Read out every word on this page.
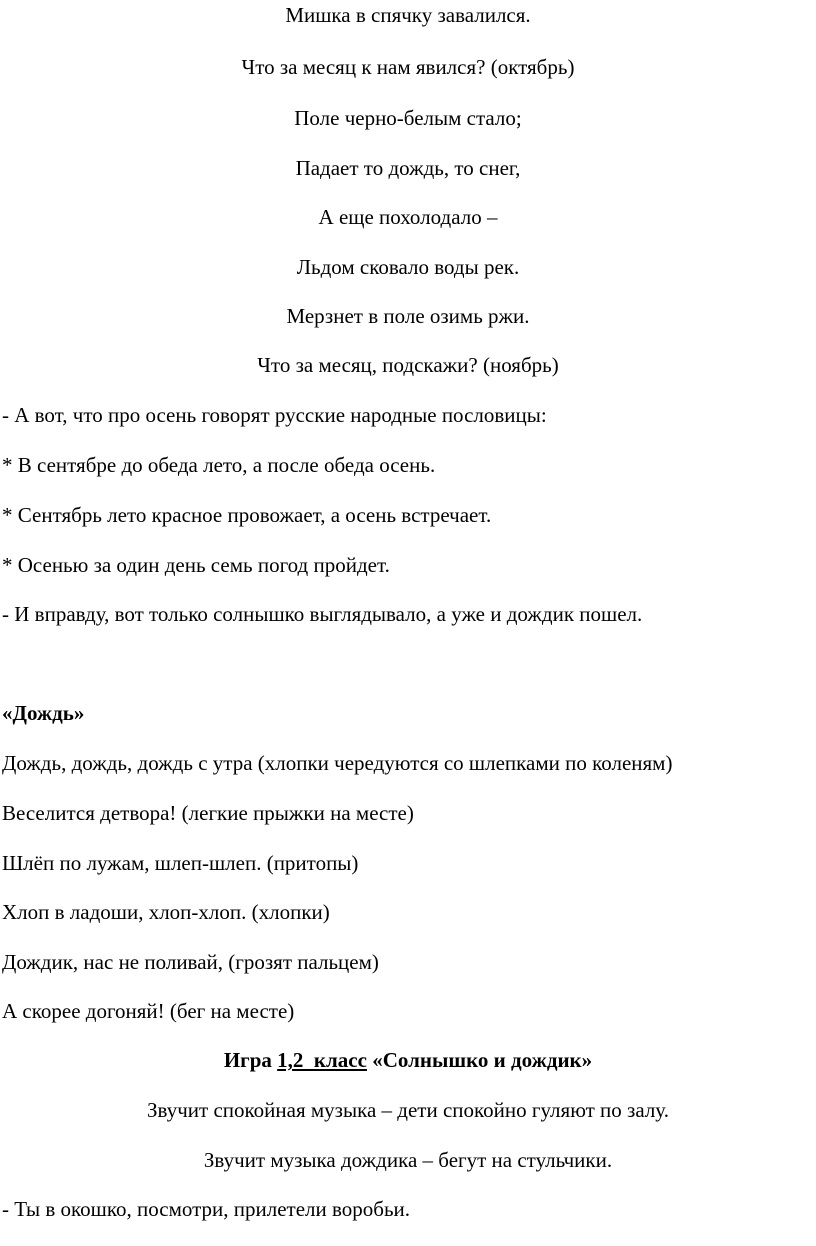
Мишка в спячку завалился.
Что за месяц к нам явился? (октябрь)
Поле черно-белым стало;
Падает то дождь, то снег,
А еще похолодало –
Льдом сковало воды рек.
Мерзнет в поле озимь ржи.
Что за месяц, подскажи? (ноябрь)
- А вот, что про осень говорят русские народные пословицы:
* В сентябре до обеда лето, а после обеда осень.
* Сентябрь лето красное провожает, а осень встречает.
* Осенью за один день семь погод пройдет.
- И вправду, вот только солнышко выглядывало, а уже и дождик пошел.
«Дождь»
Дождь, дождь, дождь с утра (хлопки чередуются со шлепками по коленям)
Веселится детвора! (легкие прыжки на месте)
Шлёп по лужам, шлеп-шлеп. (притопы)
Хлоп в ладоши, хлоп-хлоп. (хлопки)
Дождик, нас не поливай, (грозят пальцем)
А скорее догоняй! (бег на месте)
Игра 1,2  класс «Солнышко и дождик»
Звучит спокойная музыка – дети спокойно гуляют по залу.
Звучит музыка дождика – бегут на стульчики.
- Ты в окошко, посмотри, прилетели воробьи.
